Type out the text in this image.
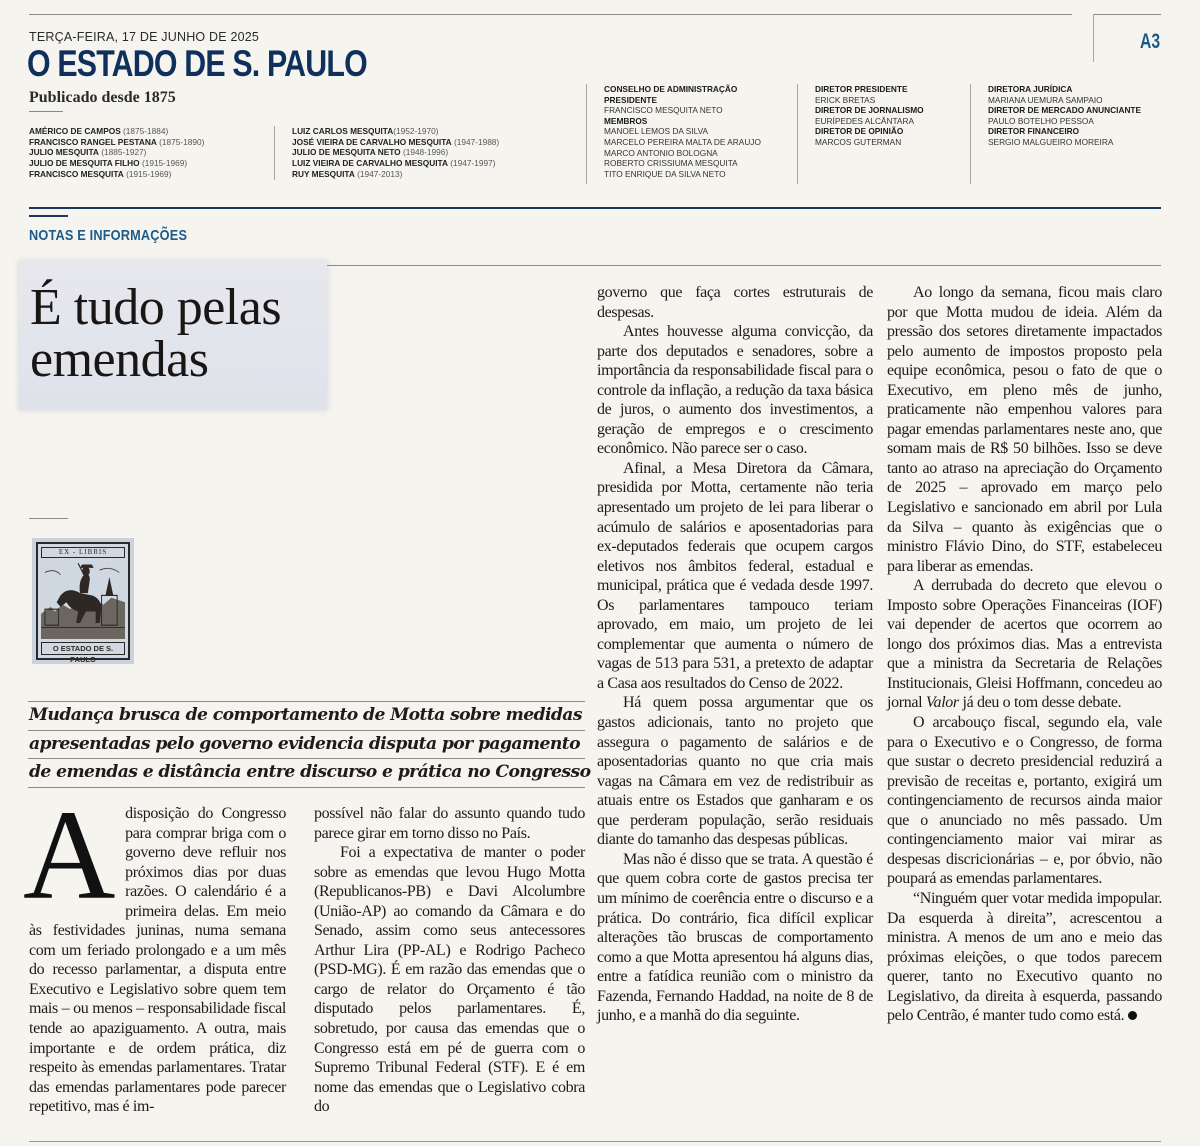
TERÇA-FEIRA, 17 DE JUNHO DE 2025
O ESTADO DE S. PAULO
Publicado desde 1875
A3
AMÉRICO DE CAMPOS (1875-1884)
FRANCISCO RANGEL PESTANA (1875-1890)
JULIO MESQUITA (1885-1927)
JULIO DE MESQUITA FILHO (1915-1969)
FRANCISCO MESQUITA (1915-1969)
LUIZ CARLOS MESQUITA(1952-1970)
JOSÉ VIEIRA DE CARVALHO MESQUITA (1947-1988)
JULIO DE MESQUITA NETO (1948-1996)
LUIZ VIEIRA DE CARVALHO MESQUITA (1947-1997)
RUY MESQUITA (1947-2013)
CONSELHO DE ADMINISTRAÇÃO
PRESIDENTE
FRANCISCO MESQUITA NETO
MEMBROS
MANOEL LEMOS DA SILVA
MARCELO PEREIRA MALTA DE ARAUJO
MARCO ANTONIO BOLOGNA
ROBERTO CRISSIUMA MESQUITA
TITO ENRIQUE DA SILVA NETO
DIRETOR PRESIDENTE
ERICK BRETAS
DIRETOR DE JORNALISMO
EURÍPEDES ALCÂNTARA
DIRETOR DE OPINIÃO
MARCOS GUTERMAN
DIRETORA JURÍDICA
MARIANA UEMURA SAMPAIO
DIRETOR DE MERCADO ANUNCIANTE
PAULO BOTELHO PESSOA
DIRETOR FINANCEIRO
SERGIO MALGUEIRO MOREIRA
NOTAS E INFORMAÇÕES
É tudo pelas
emendas
EX - LIBRIS
O ESTADO DE S. PAULO
Mudança brusca de comportamento de Motta sobre medidas
apresentadas pelo governo evidencia disputa por pagamento
de emendas e distância entre discurso e prática no Congresso
A disposição do Congresso para comprar briga com o governo deve refluir nos próximos dias por duas razões. O calendário é a primeira delas. Em meio às festividades juninas, numa semana com um feriado prolongado e a um mês do recesso parlamentar, a disputa entre Executivo e Legislativo sobre quem tem mais – ou menos – responsabilidade fiscal tende ao apaziguamento. A outra, mais importante e de ordem prática, diz respeito às emendas parlamentares. Tratar das emendas parlamentares pode parecer repetitivo, mas é im-

possível não falar do assunto quando tudo parece girar em torno disso no País.

Foi a expectativa de manter o poder sobre as emendas que levou Hugo Motta (Republicanos-PB) e Davi Alcolumbre (União-AP) ao comando da Câmara e do Senado, assim como seus antecessores Arthur Lira (PP-AL) e Rodrigo Pacheco (PSD-MG). É em razão das emendas que o cargo de relator do Orçamento é tão disputado pelos parlamentares. É, sobretudo, por causa das emendas que o Congresso está em pé de guerra com o Supremo Tribunal Federal (STF). E é em nome das emendas que o Legislativo cobra do

governo que faça cortes estruturais de despesas.

Antes houvesse alguma convicção, da parte dos deputados e senadores, sobre a importância da responsabilidade fiscal para o controle da inflação, a redução da taxa básica de juros, o aumento dos investimentos, a geração de empregos e o crescimento econômico. Não parece ser o caso.

Afinal, a Mesa Diretora da Câmara, presidida por Motta, certamente não teria apresentado um projeto de lei para liberar o acúmulo de salários e aposentadorias para ex-deputados federais que ocupem cargos eletivos nos âmbitos federal, estadual e municipal, prática que é vedada desde 1997. Os parlamentares tampouco teriam aprovado, em maio, um projeto de lei complementar que aumenta o número de vagas de 513 para 531, a pretexto de adaptar a Casa aos resultados do Censo de 2022.

Há quem possa argumentar que os gastos adicionais, tanto no projeto que assegura o pagamento de salários e de aposentadorias quanto no que cria mais vagas na Câmara em vez de redistribuir as atuais entre os Estados que ganharam e os que perderam população, serão residuais diante do tamanho das despesas públicas.

Mas não é disso que se trata. A questão é que quem cobra corte de gastos precisa ter um mínimo de coerência entre o discurso e a prática. Do contrário, fica difícil explicar alterações tão bruscas de comportamento como a que Motta apresentou há alguns dias, entre a fatídica reunião com o ministro da Fazenda, Fernando Haddad, na noite de 8 de junho, e a manhã do dia seguinte.

Ao longo da semana, ficou mais claro por que Motta mudou de ideia. Além da pressão dos setores diretamente impactados pelo aumento de impostos proposto pela equipe econômica, pesou o fato de que o Executivo, em pleno mês de junho, praticamente não empenhou valores para pagar emendas parlamentares neste ano, que somam mais de R$ 50 bilhões. Isso se deve tanto ao atraso na apreciação do Orçamento de 2025 – aprovado em março pelo Legislativo e sancionado em abril por Lula da Silva – quanto às exigências que o ministro Flávio Dino, do STF, estabeleceu para liberar as emendas.

A derrubada do decreto que elevou o Imposto sobre Operações Financeiras (IOF) vai depender de acertos que ocorrem ao longo dos próximos dias. Mas a entrevista que a ministra da Secretaria de Relações Institucionais, Gleisi Hoffmann, concedeu ao jornal Valor já deu o tom desse debate.

O arcabouço fiscal, segundo ela, vale para o Executivo e o Congresso, de forma que sustar o decreto presidencial reduzirá a previsão de receitas e, portanto, exigirá um contingenciamento de recursos ainda maior que o anunciado no mês passado. Um contingenciamento maior vai mirar as despesas discricionárias – e, por óbvio, não poupará as emendas parlamentares.

“Ninguém quer votar medida impopular. Da esquerda à direita”, acrescentou a ministra. A menos de um ano e meio das próximas eleições, o que todos parecem querer, tanto no Executivo quanto no Legislativo, da direita à esquerda, passando pelo Centrão, é manter tudo como está.
